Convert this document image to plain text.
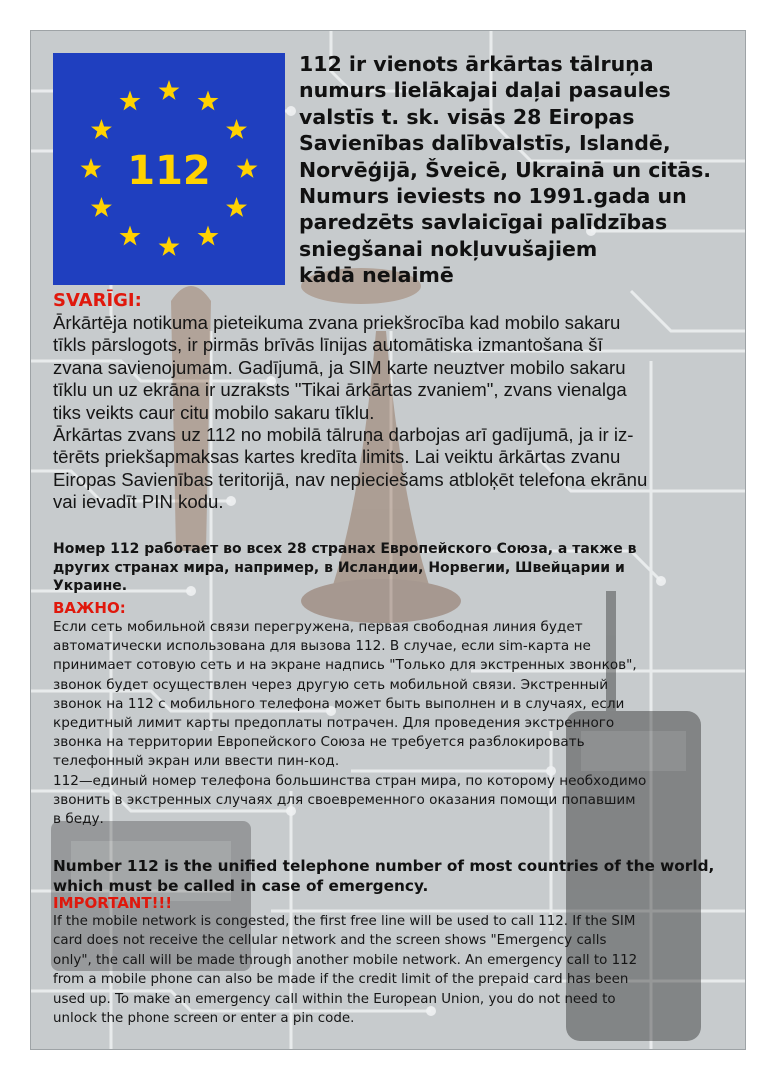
112
112 ir vienots ārkārtas tālruņa
numurs lielākajai daļai pasaules
valstīs t. sk. visās 28 Eiropas
Savienības dalībvalstīs, Islandē,
Norvēģijā, Šveicē, Ukrainā un citās.
Numurs ieviests no 1991.gada un
paredzēts savlaicīgai palīdzības
sniegšanai nokļuvušajiem
kādā nelaimē
SVARĪGI:

Ārkārtēja notikuma pieteikuma zvana priekšrocība kad mobilo sakaru
tīkls pārslogots, ir pirmās brīvās līnijas automātiska izmantošana šī
zvana savienojumam. Gadījumā, ja SIM karte neuztver mobilo sakaru
tīklu un uz ekrāna ir uzraksts "Tikai ārkārtas zvaniem", zvans vienalga
tiks veikts caur citu mobilo sakaru tīklu.
Ārkārtas zvans uz 112 no mobilā tālruņa darbojas arī gadījumā, ja ir iz-
tērēts priekšapmaksas kartes kredīta limits. Lai veiktu ārkārtas zvanu
Eiropas Savienības teritorijā, nav nepieciešams atbloķēt telefona ekrānu
vai ievadīt PIN kodu.

Номер 112 работает во всех 28 странах Европейского Союза, а также в
других странах мира, например, в Исландии, Норвегии, Швейцарии и
Украине.
ВАЖНО:

Если сеть мобильной связи перегружена, первая свободная линия будет
автоматически использована для вызова 112. В случае, если sim-карта не
принимает сотовую сеть и на экране надпись "Только для экстренных звонков",
звонок будет осуществлен через другую сеть мобильной связи. Экстренный
звонок на 112 с мобильного телефона может быть выполнен и в случаях, если
кредитный лимит карты предоплаты потрачен. Для проведения экстренного
звонка на территории Европейского Союза не требуется разблокировать
телефонный экран или ввести пин-код.
112—единый номер телефона большинства стран мира, по которому необходимо
звонить в экстренных случаях для своевременного оказания помощи попавшим
в беду.

Number 112 is the unified telephone number of most countries of the world,
which must be called in case of emergency.
IMPORTANT!!!

If the mobile network is congested, the first free line will be used to call 112. If the SIM
card does not receive the cellular network and the screen shows "Emergency calls
only", the call will be made through another mobile network. An emergency call to 112
from a mobile phone can also be made if the credit limit of the prepaid card has been
used up. To make an emergency call within the European Union, you do not need to
unlock the phone screen or enter a pin code.
